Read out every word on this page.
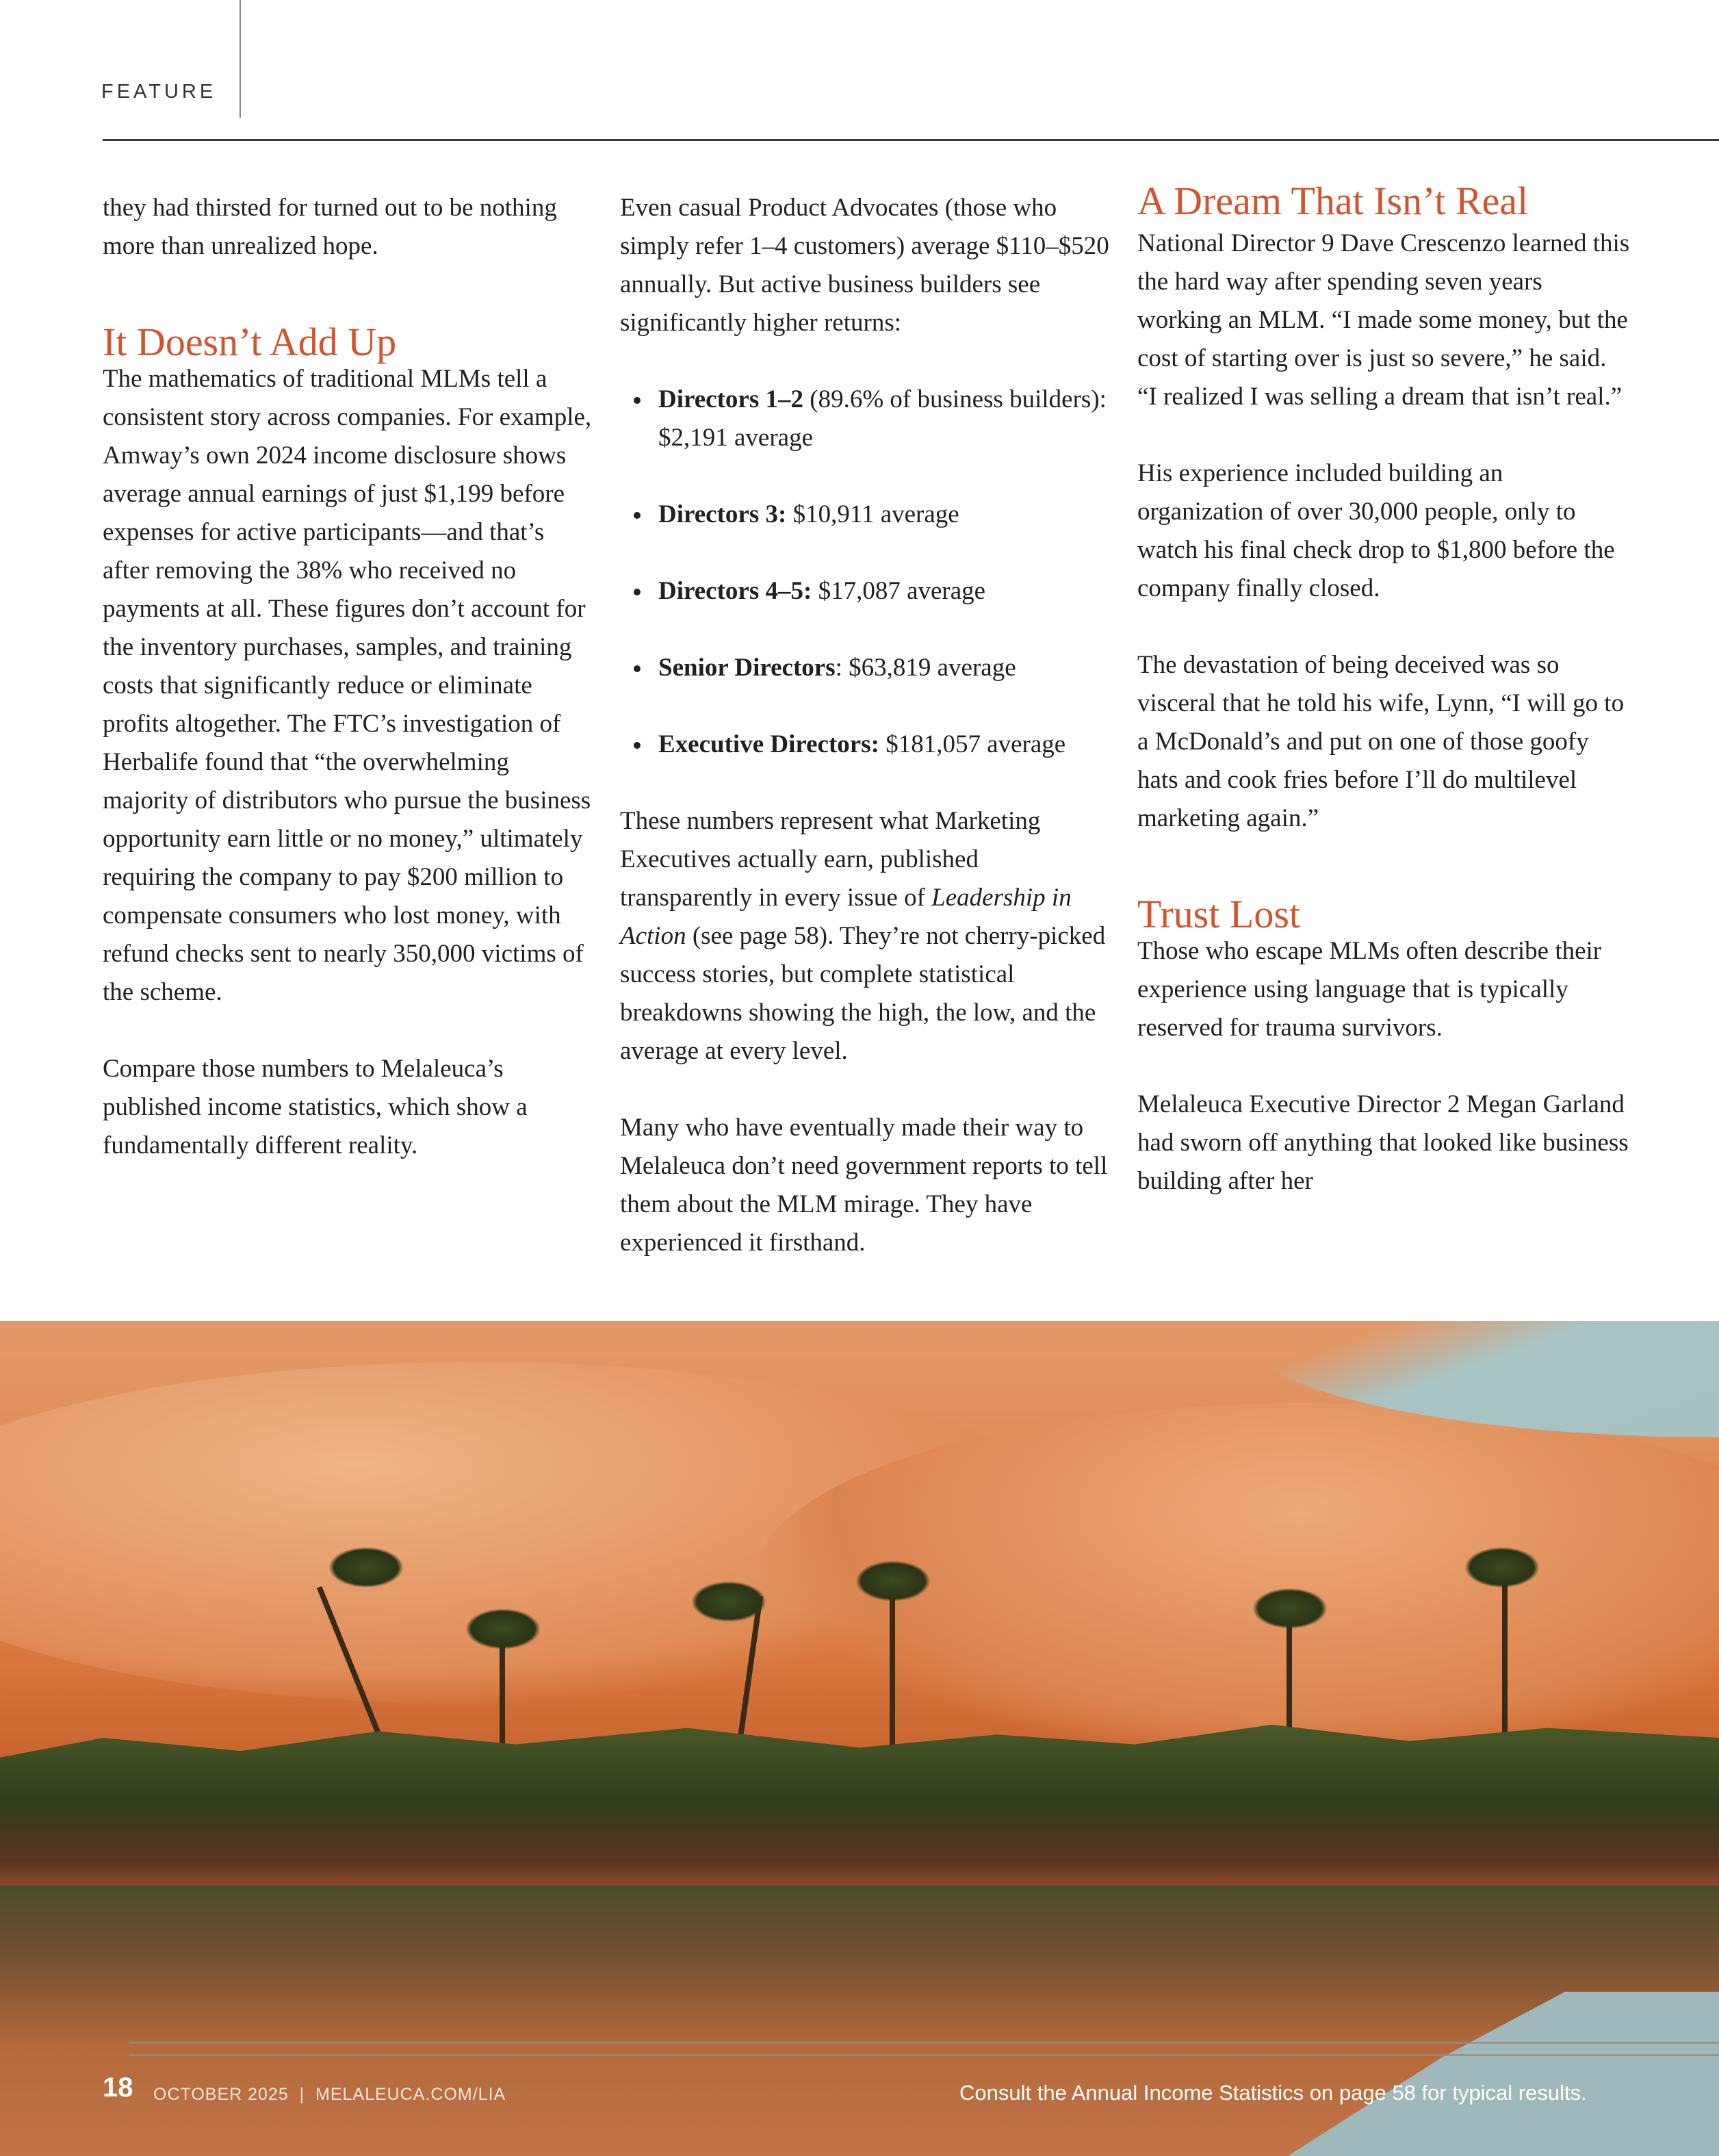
FEATURE

they had thirsted for turned out to be nothing more than unrealized hope.

It Doesn’t Add Up

The mathematics of traditional MLMs tell a consistent story across companies. For example, Amway’s own 2024 income disclosure shows average annual earnings of just $1,199 before expenses for active participants—and that’s after removing the 38% who received no payments at all. These figures don’t account for the inventory purchases, samples, and training costs that significantly reduce or eliminate profits altogether. The FTC’s investigation of Herbalife found that “the overwhelming majority of distributors who pursue the business opportunity earn little or no money,” ultimately requiring the company to pay $200 million to compensate consumers who lost money, with refund checks sent to nearly 350,000 victims of the scheme.

Compare those numbers to Melaleuca’s published income statistics, which show a fundamentally different reality.

Even casual Product Advocates (those who simply refer 1–4 customers) average $110–$520 annually. But active business builders see significantly higher returns:

Directors 1–2 (89.6% of business builders): $2,191 average
Directors 3: $10,911 average
Directors 4–5: $17,087 average
Senior Directors: $63,819 average
Executive Directors: $181,057 average

These numbers represent what Marketing Executives actually earn, published transparently in every issue of Leadership in Action (see page 58). They’re not cherry-picked success stories, but complete statistical breakdowns showing the high, the low, and the average at every level.

Many who have eventually made their way to Melaleuca don’t need government reports to tell them about the MLM mirage. They have experienced it firsthand.

A Dream That Isn’t Real

National Director 9 Dave Crescenzo learned this the hard way after spending seven years working an MLM. “I made some money, but the cost of starting over is just so severe,” he said. “I realized I was selling a dream that isn’t real.”

His experience included building an organization of over 30,000 people, only to watch his final check drop to $1,800 before the company finally closed.

The devastation of being deceived was so visceral that he told his wife, Lynn, “I will go to a McDonald’s and put on one of those goofy hats and cook fries before I’ll do multilevel marketing again.”

Trust Lost

Those who escape MLMs often describe their experience using language that is typically reserved for trauma survivors.

Melaleuca Executive Director 2 Megan Garland had sworn off anything that looked like business building after her

18 OCTOBER 2025  |  MELALEUCA.COM/LIA	Consult the Annual Income Statistics on page 58 for typical results.
